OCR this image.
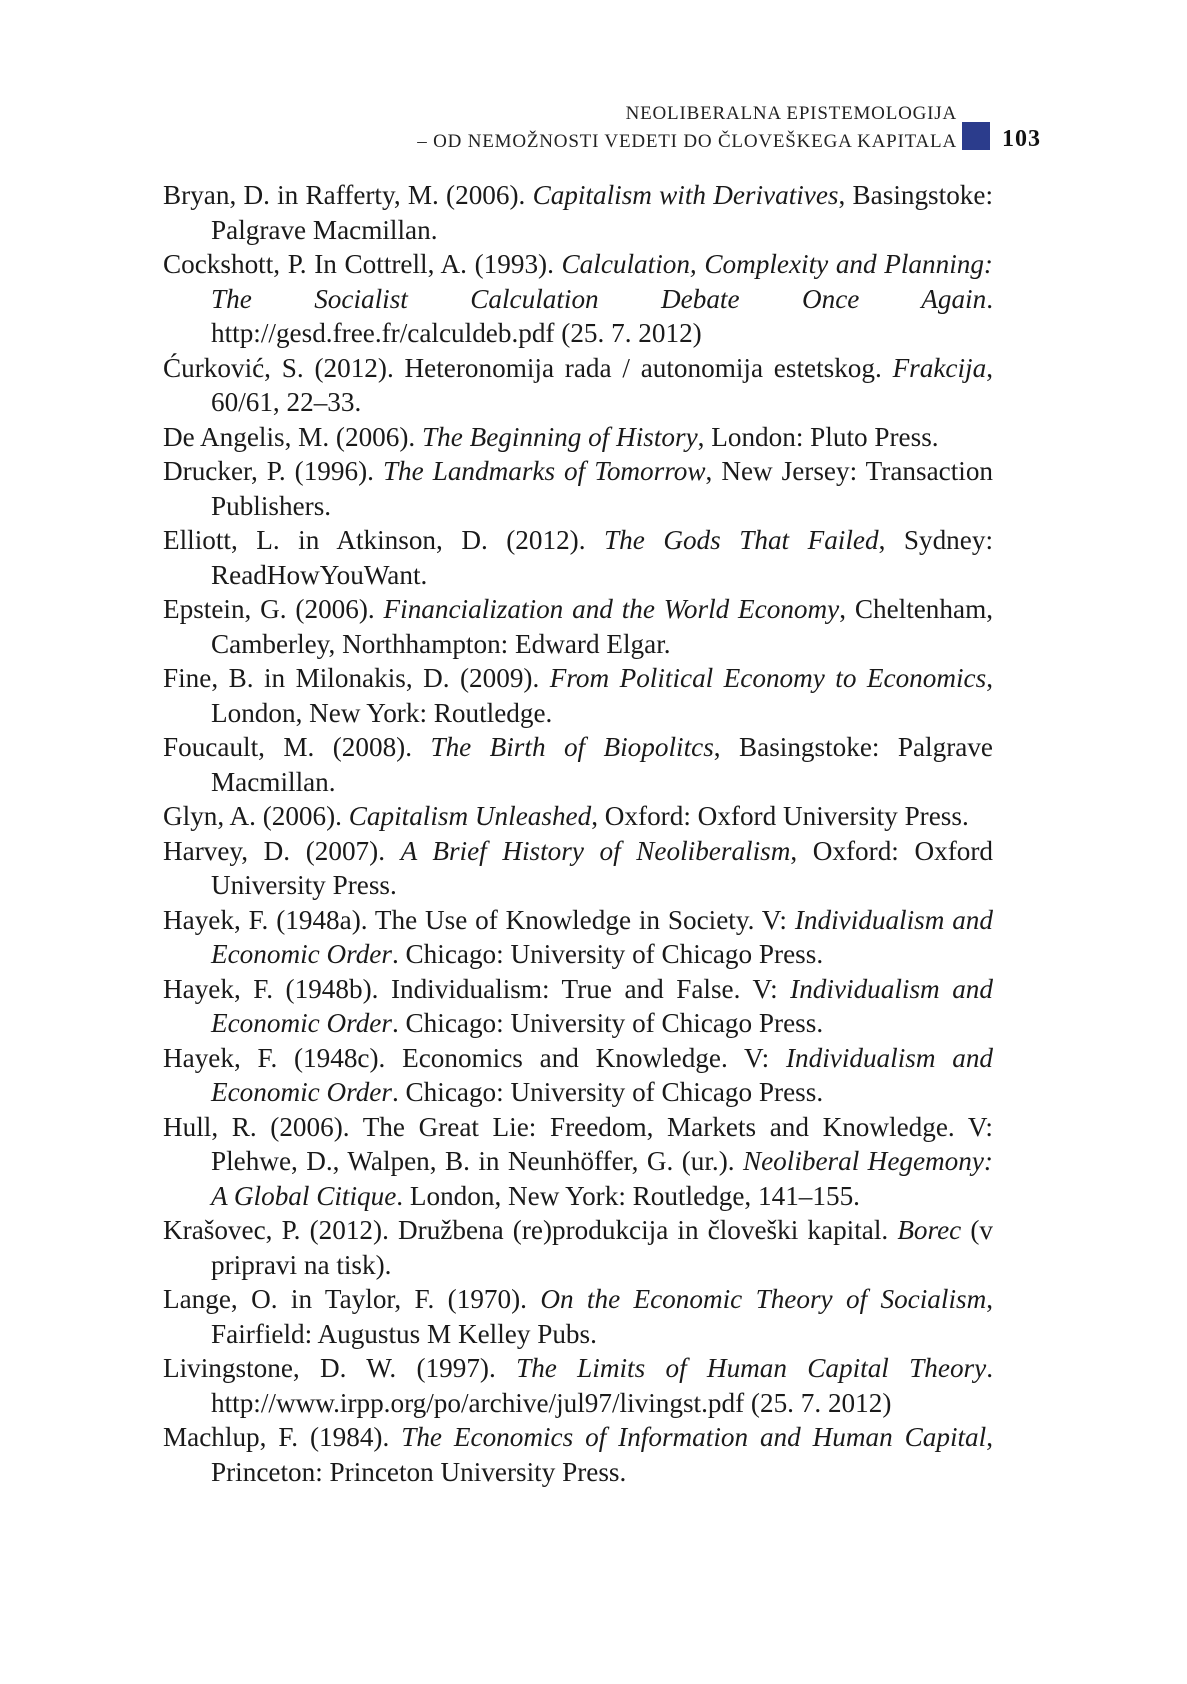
NEOLIBERALNA EPISTEMOLOGIJA
– OD NEMOŽNOSTI VEDETI DO ČLOVEŠKEGA KAPITALA 103
Bryan, D. in Rafferty, M. (2006). Capitalism with Derivatives, Basingstoke: Palgrave Macmillan.
Cockshott, P. In Cottrell, A. (1993). Calculation, Complexity and Planning: The Socialist Calculation Debate Once Again. http://gesd.free.fr/calculdeb.pdf (25. 7. 2012)
Ćurković, S. (2012). Heteronomija rada / autonomija estetskog. Frakcija, 60/61, 22–33.
De Angelis, M. (2006). The Beginning of History, London: Pluto Press.
Drucker, P. (1996). The Landmarks of Tomorrow, New Jersey: Transaction Publishers.
Elliott, L. in Atkinson, D. (2012). The Gods That Failed, Sydney: ReadHowYouWant.
Epstein, G. (2006). Financialization and the World Economy, Cheltenham, Camberley, Northhampton: Edward Elgar.
Fine, B. in Milonakis, D. (2009). From Political Economy to Economics, London, New York: Routledge.
Foucault, M. (2008). The Birth of Biopolitcs, Basingstoke: Palgrave Macmillan.
Glyn, A. (2006). Capitalism Unleashed, Oxford: Oxford University Press.
Harvey, D. (2007). A Brief History of Neoliberalism, Oxford: Oxford University Press.
Hayek, F. (1948a). The Use of Knowledge in Society. V: Individualism and Economic Order. Chicago: University of Chicago Press.
Hayek, F. (1948b). Individualism: True and False. V: Individualism and Economic Order. Chicago: University of Chicago Press.
Hayek, F. (1948c). Economics and Knowledge. V: Individualism and Economic Order. Chicago: University of Chicago Press.
Hull, R. (2006). The Great Lie: Freedom, Markets and Knowledge. V: Plehwe, D., Walpen, B. in Neunhöffer, G. (ur.). Neoliberal Hegemony: A Global Citique. London, New York: Routledge, 141–155.
Krašovec, P. (2012). Družbena (re)produkcija in človeški kapital. Borec (v pripravi na tisk).
Lange, O. in Taylor, F. (1970). On the Economic Theory of Socialism, Fairfield: Augustus M Kelley Pubs.
Livingstone, D. W. (1997). The Limits of Human Capital Theory. http://www.irpp.org/po/archive/jul97/livingst.pdf (25. 7. 2012)
Machlup, F. (1984). The Economics of Information and Human Capital, Princeton: Princeton University Press.
